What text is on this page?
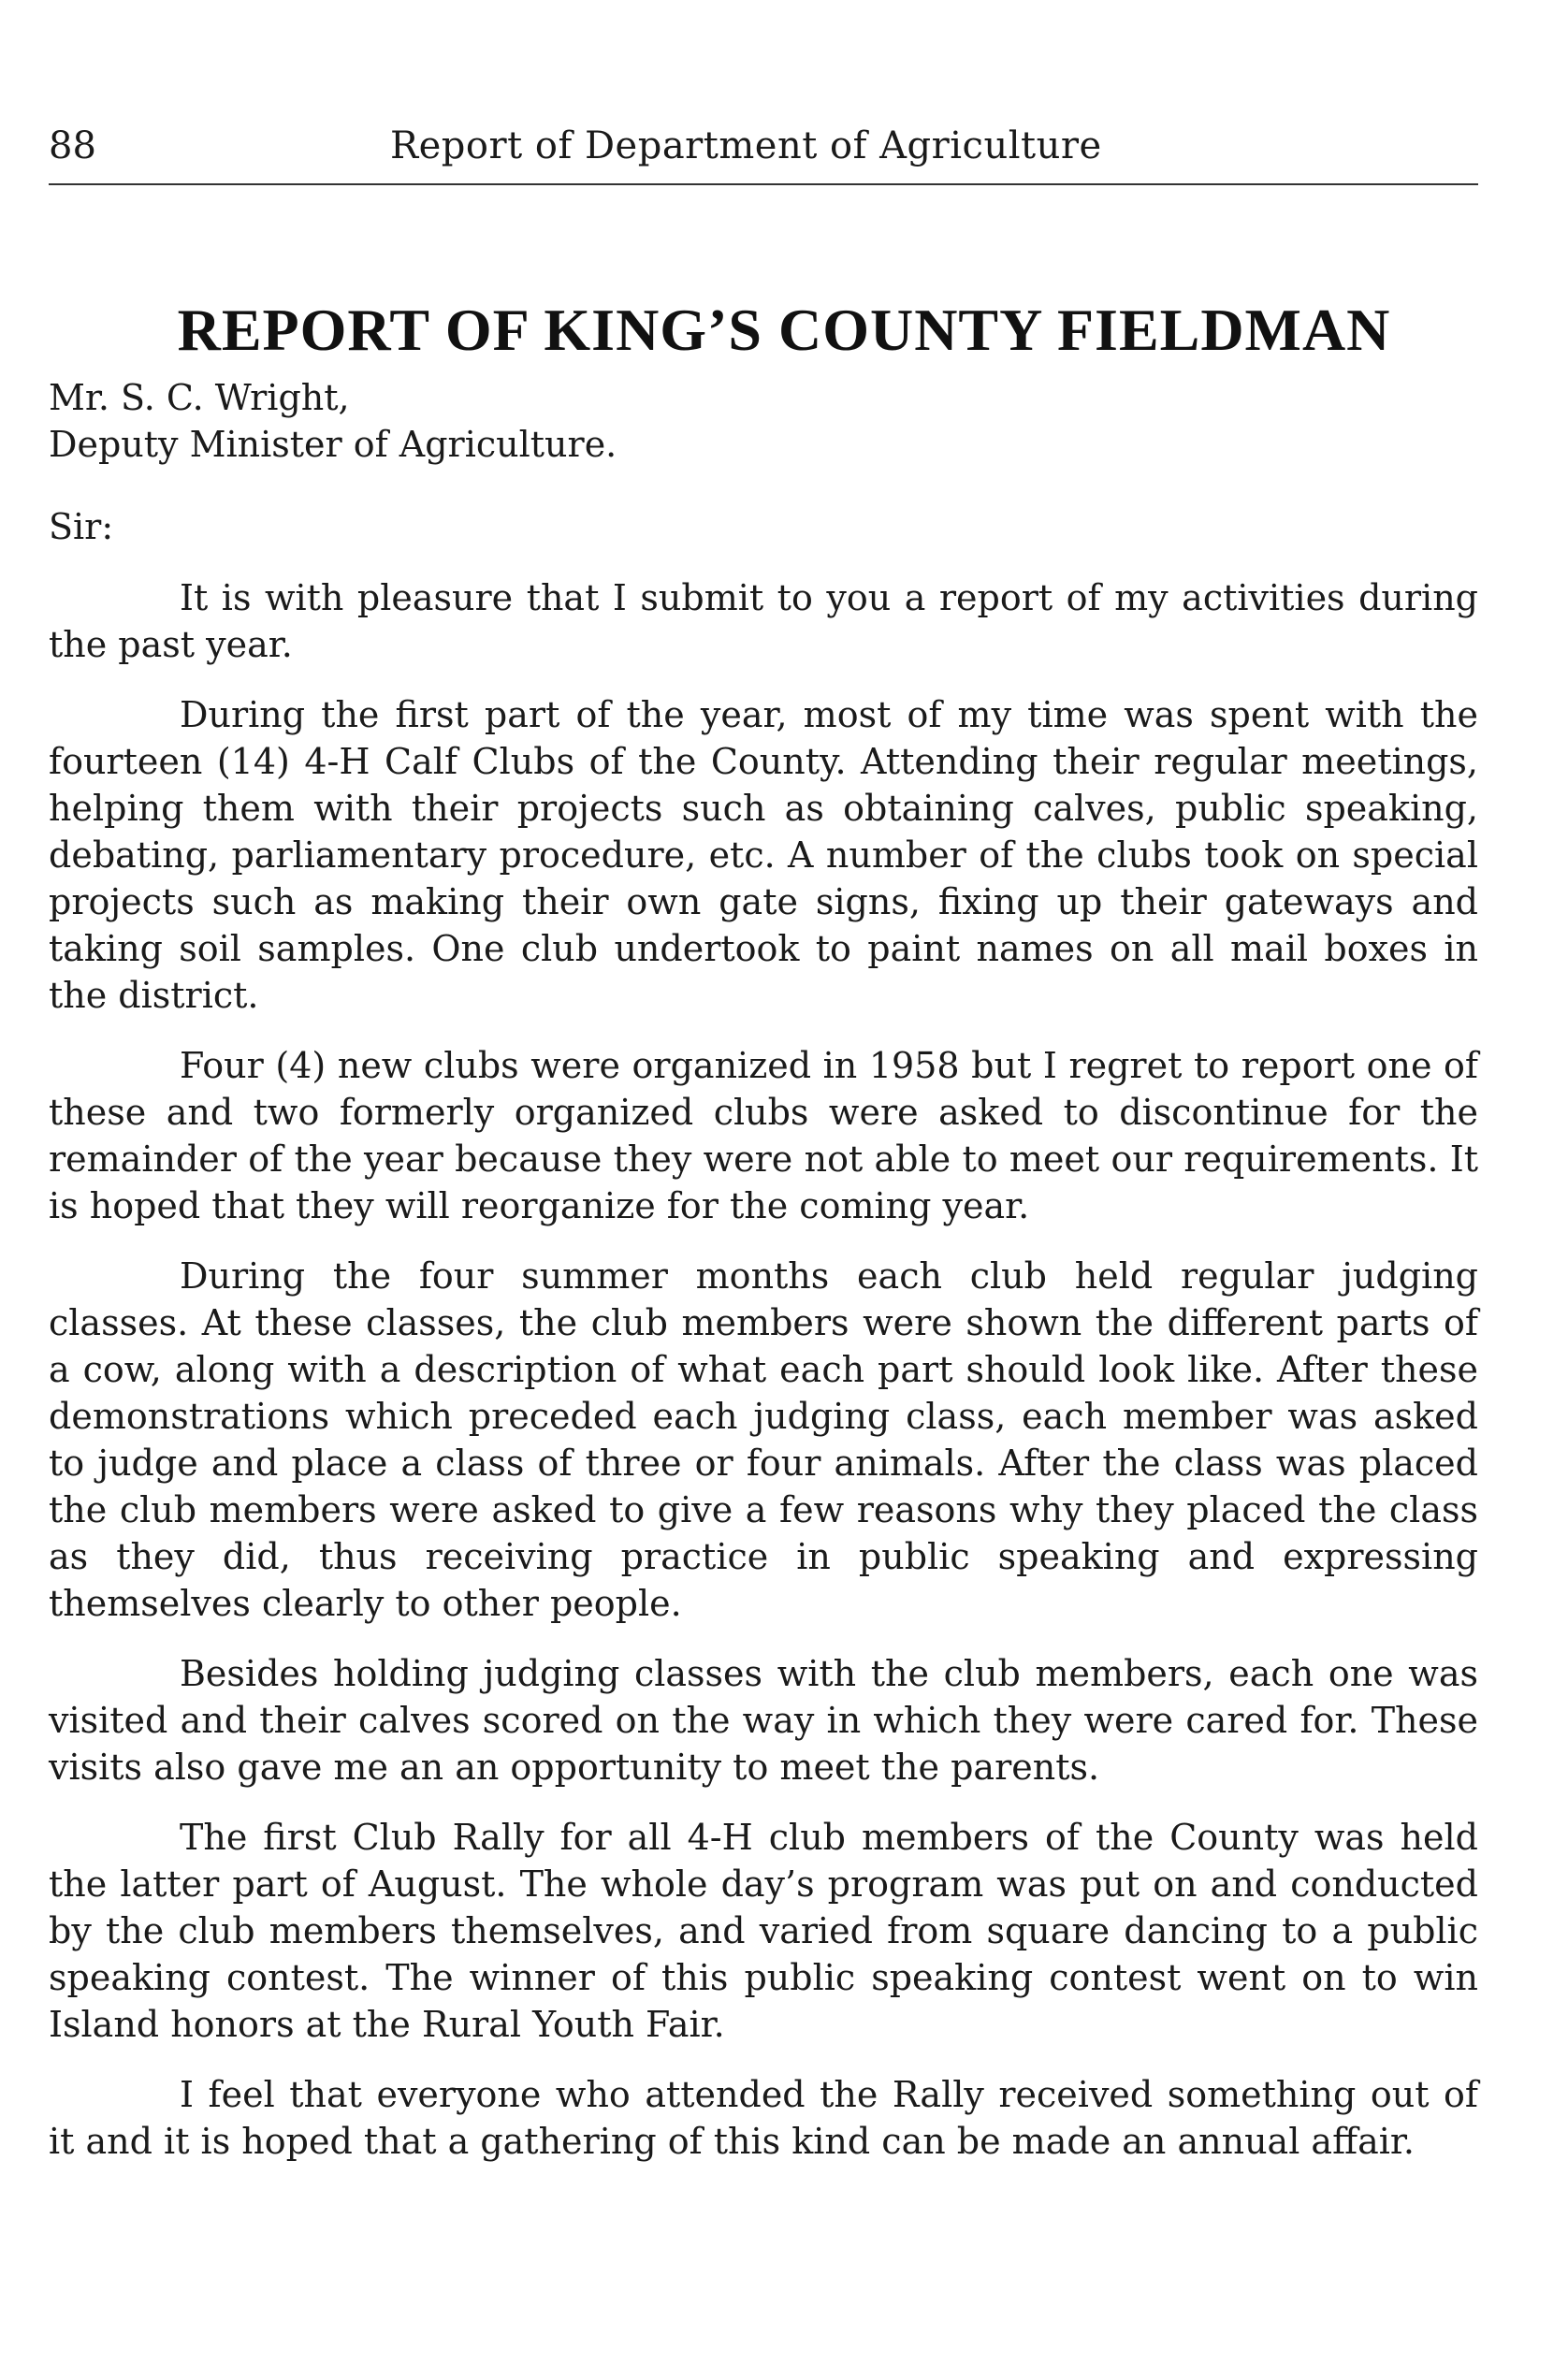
88	Report of Department of Agriculture
REPORT OF KING’S COUNTY FIELDMAN
Mr. S. C. Wright,
Deputy Minister of Agriculture.
Sir:

It is with pleasure that I submit to you a report of my activities during the past year.

During the first part of the year, most of my time was spent with the fourteen (14) 4-H Calf Clubs of the County. Attending their regular meetings, helping them with their projects such as obtaining calves, public speaking, debating, parliamentary procedure, etc. A number of the clubs took on special projects such as making their own gate signs, fixing up their gateways and taking soil samples. One club undertook to paint names on all mail boxes in the district.

Four (4) new clubs were organized in 1958 but I regret to report one of these and two formerly organized clubs were asked to discontinue for the remainder of the year because they were not able to meet our requirements. It is hoped that they will reorganize for the coming year.

During the four summer months each club held regular judging classes. At these classes, the club members were shown the different parts of a cow, along with a description of what each part should look like. After these demonstrations which preceded each judging class, each member was asked to judge and place a class of three or four animals. After the class was placed the club members were asked to give a few reasons why they placed the class as they did, thus receiving practice in public speaking and expressing themselves clearly to other people.

Besides holding judging classes with the club members, each one was visited and their calves scored on the way in which they were cared for. These visits also gave me an an opportunity to meet the parents.

The first Club Rally for all 4-H club members of the County was held the latter part of August. The whole day’s program was put on and conducted by the club members themselves, and varied from square dancing to a public speaking contest. The winner of this public speaking contest went on to win Island honors at the Rural Youth Fair.

I feel that everyone who attended the Rally received something out of it and it is hoped that a gathering of this kind can be made an annual affair.
